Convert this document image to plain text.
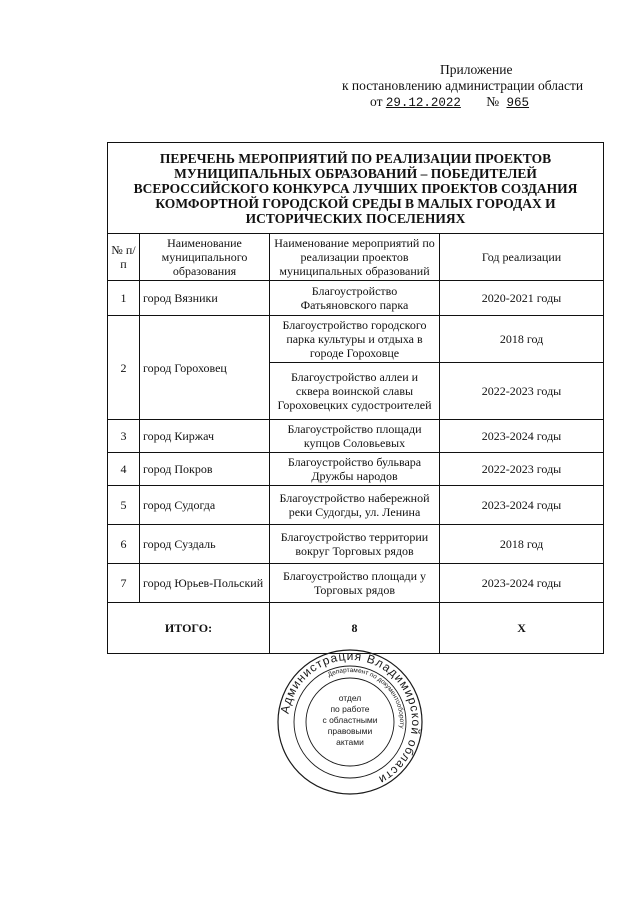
Приложение
к постановлению администрации области
от 29.12.2022 № 965
ПЕРЕЧЕНЬ МЕРОПРИЯТИЙ ПО РЕАЛИЗАЦИИ ПРОЕКТОВ МУНИЦИПАЛЬНЫХ ОБРАЗОВАНИЙ – ПОБЕДИТЕЛЕЙ ВСЕРОССИЙСКОГО КОНКУРСА ЛУЧШИХ ПРОЕКТОВ СОЗДАНИЯ КОМФОРТНОЙ ГОРОДСКОЙ СРЕДЫ В МАЛЫХ ГОРОДАХ И ИСТОРИЧЕСКИХ ПОСЕЛЕНИЯХ			
№ п/п	Наименование муниципального образования	Наименование мероприятий по реализации проектов муниципальных образований	Год реализации
1	город Вязники	Благоустройство Фатьяновского парка	2020-2021 годы
2	город Гороховец	Благоустройство городского парка культуры и отдыха в городе Гороховце	2018 год
		Благоустройство аллеи и сквера воинской славы Гороховецких судостроителей	2022-2023 годы
3	город Киржач	Благоустройство площади купцов Соловьевых	2023-2024 годы
4	город Покров	Благоустройство бульвара Дружбы народов	2022-2023 годы
5	город Судогда	Благоустройство набережной реки Судогды, ул. Ленина	2023-2024 годы
6	город Суздаль	Благоустройство территории вокруг Торговых рядов	2018 год
7	город Юрьев-Польский	Благоустройство площади у Торговых рядов	2023-2024 годы
ИТОГО:		8	Х
Администрация Владимирской области
Департамент по документообороту
отдел
по работе
с областными
правовыми
актами
